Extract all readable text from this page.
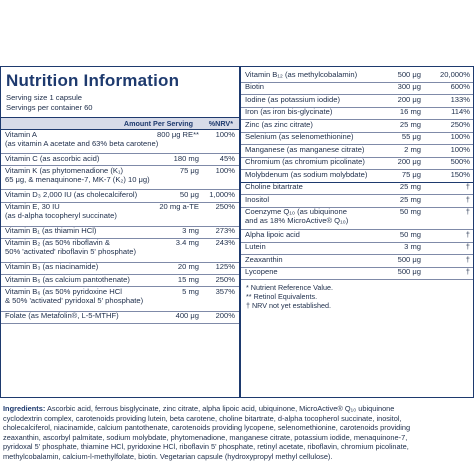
Nutrition Information
Serving size 1 capsule
Servings per container 60
Amount Per Serving %NRV*
Vitamin A
(as vitamin A acetate and 63% beta carotene)
800 μg RE** 100%
Vitamin C (as ascorbic acid)	180 mg	45%
Vitamin K (as phytomenadione (K₁)
65 μg, & menaquinone-7, MK-7 (K₂) 10 μg)
75 μg 100%
Vitamin D₃ 2,000 IU (as cholecalciferol)	50 μg 1,000%
Vitamin E, 30 IU
(as d-alpha tocopheryl succinate)
20 mg a-TE 250%
Vitamin B₁ (as thiamin HCl)	3 mg 273%
Vitamin B₂ (as 50% riboflavin &
50% 'activated' riboflavin 5' phosphate)
3.4 mg 243%
Vitamin B₃ (as niacinamide)	20 mg 125%
Vitamin B₅ (as calcium pantothenate)	15 mg 250%
Vitamin B₆ (as 50% pyridoxine HCl
& 50% 'activated' pyridoxal 5' phosphate)
5 mg 357%
Folate (as Metafolin®, L-5-MTHF)	400 μg 200%
Vitamin B₁₂ (as methylcobalamin)	500 μg	20,000%
Biotin	300 μg	600%
Iodine (as potassium iodide)	200 μg	133%
Iron (as iron bis-glycinate)	16 mg	114%
Zinc (as zinc citrate)	25 mg	250%
Selenium (as selenomethionine)	55 μg	100%
Manganese (as manganese citrate)	2 mg	100%
Chromium (as chromium picolinate)	200 μg	500%
Molybdenum (as sodium molybdate)	75 μg	150%
Choline bitartrate	25 mg	†
Inositol	25 mg	†
Coenzyme Q₁₀ (as ubiquinone
and as 18% MicroActive® Q₁₀)
50 mg	†
Alpha lipoic acid	50 mg	†
Lutein	3 mg	†
Zeaxanthin	500 μg	†
Lycopene	500 μg	†
* Nutrient Reference Value.
** Retinol Equivalents.
† NRV not yet established.
Ingredients: Ascorbic acid, ferrous bisglycinate, zinc citrate, alpha lipoic acid, ubiquinone, MicroActive® Q₁₀ ubiquinone
cyclodextrin complex, carotenoids providing lutein, beta carotene, choline bitartrate, d-alpha tocopherol succinate, inositol,
cholecalciferol, niacinamide, calcium pantothenate, carotenoids providing lycopene, selenomethionine, carotenoids providing
zeaxanthin, ascorbyl palmitate, sodium molybdate, phytomenadione, manganese citrate, potassium iodide, menaquinone-7,
pyridoxal 5' phosphate, thiamine HCl, pyridoxine HCl, riboflavin 5' phosphate, retinyl acetate, riboflavin, chromium picolinate,
methylcobalamin, calcium-l-methylfolate, biotin. Vegetarian capsule (hydroxypropyl methyl cellulose).
